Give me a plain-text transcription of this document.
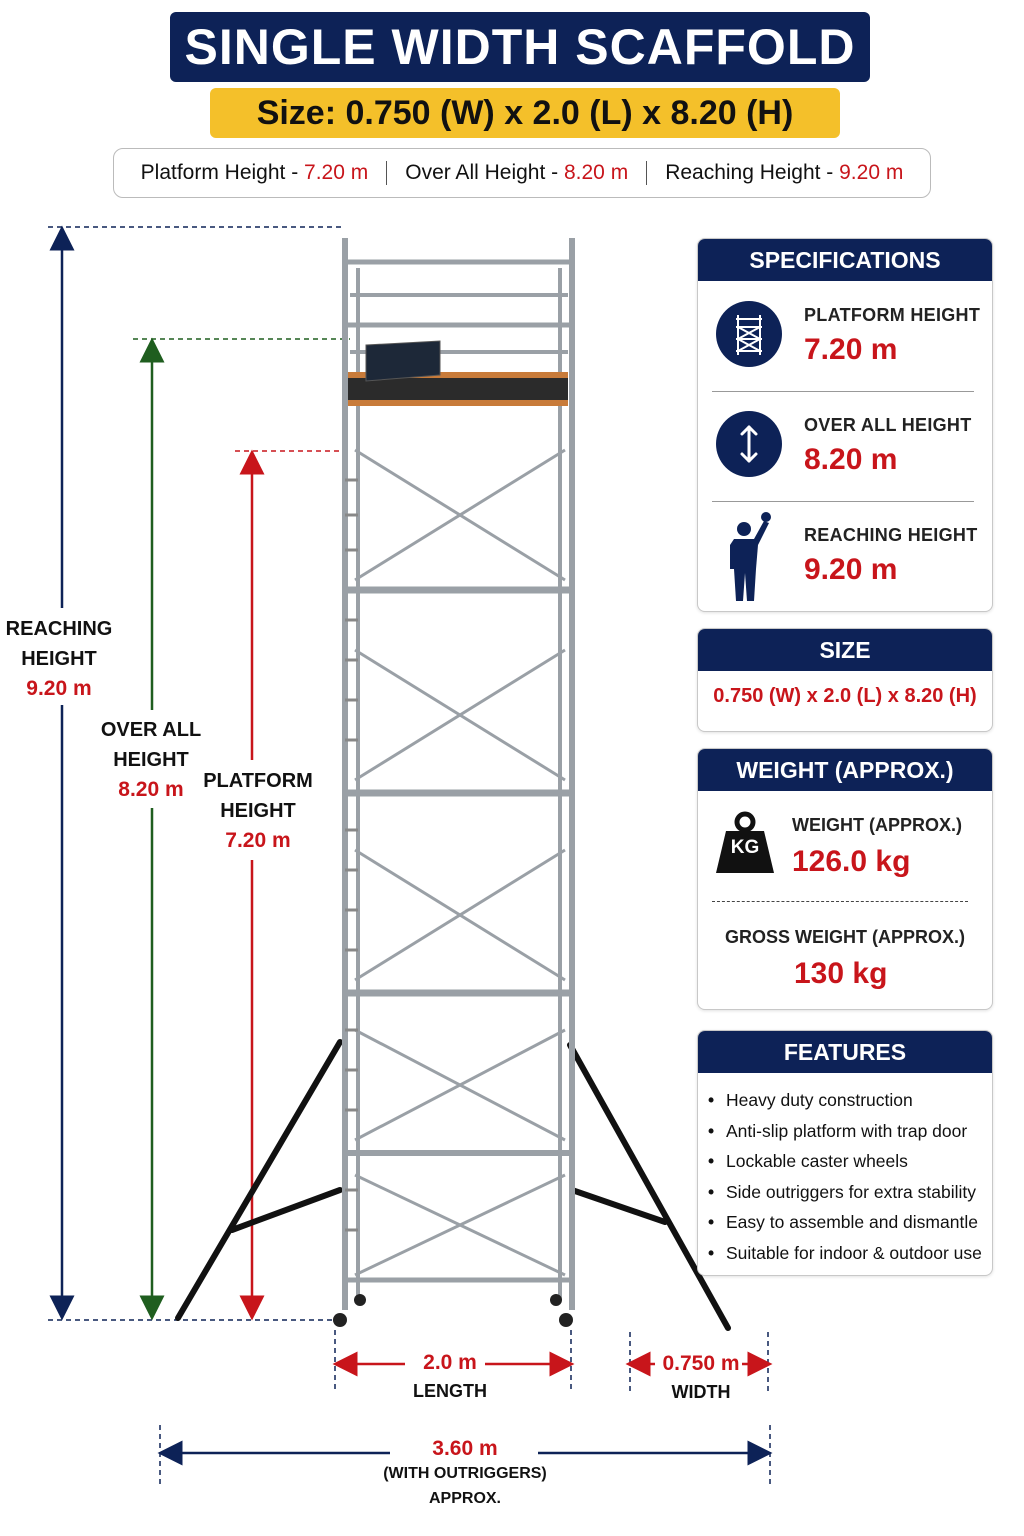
SINGLE WIDTH SCAFFOLD
Size: 0.750 (W) x 2.0 (L) x 8.20 (H)
Platform Height - 7.20 m	Over All Height - 8.20 m	Reaching Height - 9.20 m
REACHING
HEIGHT
9.20 m
OVER ALL
HEIGHT
8.20 m PLATFORM
HEIGHT
7.20 m
2.0 m
LENGTH
0.750 m
WIDTH
3.60 m
(WITH OUTRIGGERS)
APPROX.
SPECIFICATIONS
PLATFORM HEIGHT
7.20 m
OVER ALL HEIGHT
8.20 m
REACHING HEIGHT
9.20 m
SIZE
0.750 (W) x 2.0 (L) x 8.20 (H)
WEIGHT (APPROX.)
KG
WEIGHT (APPROX.)
126.0 kg
GROSS WEIGHT (APPROX.)
130 kg
FEATURES
• Heavy duty construction
• Anti-slip platform with trap door
• Lockable caster wheels
• Side outriggers for extra stability
• Easy to assemble and dismantle
• Suitable for indoor & outdoor use
